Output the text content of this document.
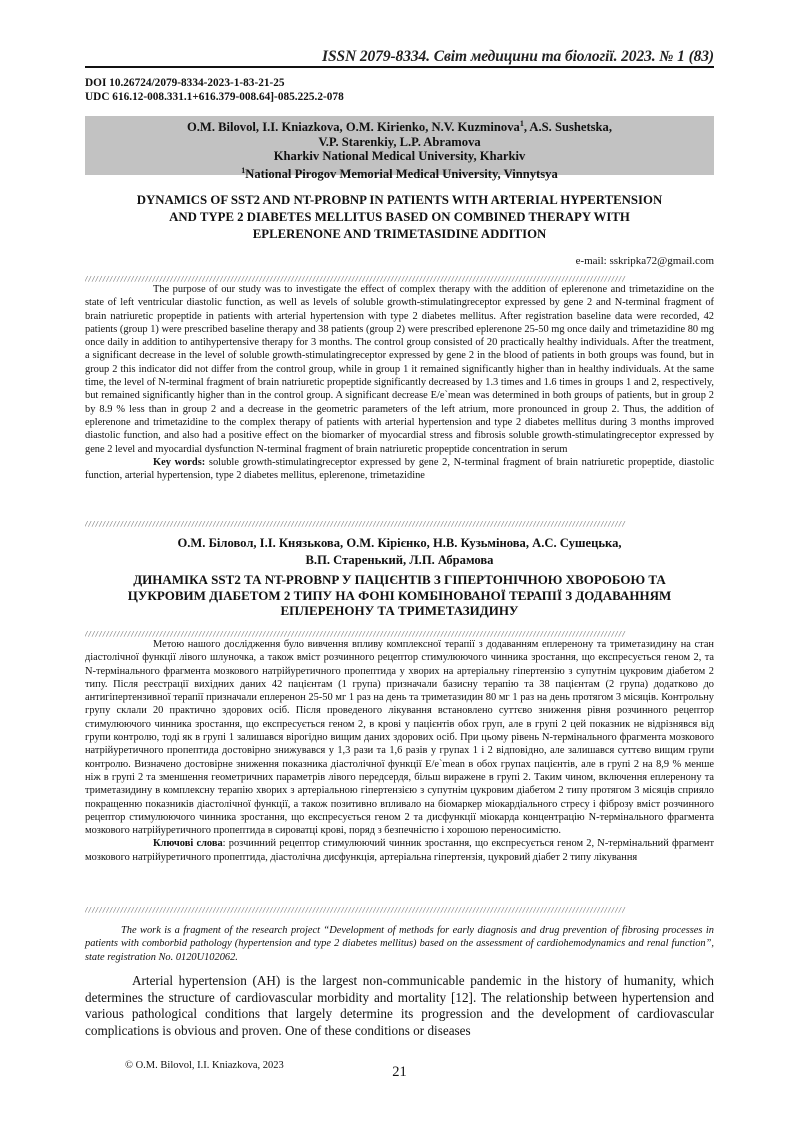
ISSN 2079-8334. Світ медицини та біології. 2023. № 1 (83)
DOI 10.26724/2079-8334-2023-1-83-21-25
UDC 616.12-008.331.1+616.379-008.64]-085.225.2-078
O.M. Bilovol, I.I. Kniazkova, O.M. Kirienko, N.V. Kuzminova$^1$, A.S. Sushetska,
V.P. Starenkiy, L.P. Abramova
Kharkiv National Medical University, Kharkiv
$^1$National Pirogov Memorial Medical University, Vinnytsya
DYNAMICS OF SST2 AND NT-PROBNP IN PATIENTS WITH ARTERIAL HYPERTENSION
AND TYPE 2 DIABETES MELLITUS BASED ON COMBINED THERAPY WITH
EPLERENONE AND TRIMETASIDINE ADDITION
e-mail: sskripka72@gmail.com
////////////////////////////////////////////////////////////////////////////////////////////////////////////////////////////////////////////////////////

The purpose of our study was to investigate the effect of complex therapy with the addition of eplerenone and trimetazidine on the state of left ventricular diastolic function, as well as levels of soluble growth-stimulatingreceptor expressed by gene 2 and N-terminal fragment of brain natriuretic propeptide in patients with arterial hypertension with type 2 diabetes mellitus. After registration baseline data were recorded, 42 patients (group 1) were prescribed baseline therapy and 38 patients (group 2) were prescribed eplerenone 25-50 mg once daily and trimetazidine 80 mg once daily in addition to antihypertensive therapy for 3 months. The control group consisted of 20 practically healthy individuals. After the treatment, a significant decrease in the level of soluble growth-stimulatingreceptor expressed by gene 2 in the blood of patients in both groups was found, but in group 2 this indicator did not differ from the control group, while in group 1 it remained significantly higher than in healthy individuals. At the same time, the level of N-terminal fragment of brain natriuretic propeptide significantly decreased by 1.3 times and 1.6 times in groups 1 and 2, respectively, but remained significantly higher than in the control group. A significant decrease E/e`mean was determined in both groups of patients, but in group 2 by 8.9 % less than in group 2 and a decrease in the geometric parameters of the left atrium, more pronounced in group 2. Thus, the addition of eplerenone and trimetazidine to the complex therapy of patients with arterial hypertension and type 2 diabetes mellitus during 3 months improved diastolic function, and also had a positive effect on the biomarker of myocardial stress and fibrosis soluble growth-stimulatingreceptor expressed by gene 2 level and myocardial dysfunction N-terminal fragment of brain natriuretic propeptide concentration in serum

Key words: soluble growth-stimulatingreceptor expressed by gene 2, N-terminal fragment of brain natriuretic propeptide, diastolic function, arterial hypertension, type 2 diabetes mellitus, eplerenone, trimetazidine

////////////////////////////////////////////////////////////////////////////////////////////////////////////////////////////////////////////////////////
О.М. Біловол, І.І. Князькова, О.М. Кірієнко, Н.В. Кузьмінова, А.С. Сушецька,
В.П. Старенький, Л.П. Абрамова
ДИНАМІКА SST2 ТА NT-PROBNP У ПАЦІЄНТІВ З ГІПЕРТОНІЧНОЮ ХВОРОБОЮ ТА
ЦУКРОВИМ ДІАБЕТОМ 2 ТИПУ НА ФОНІ КОМБІНОВАНОЇ ТЕРАПІЇ З ДОДАВАННЯМ
ЕПЛЕРЕНОНУ ТА ТРИМЕТАЗИДИНУ
////////////////////////////////////////////////////////////////////////////////////////////////////////////////////////////////////////////////////////

Метою нашого дослідження було вивчення впливу комплексної терапії з додаванням еплеренону та триметазидину на стан діастолічної функції лівого шлуночка, а також вміст розчинного рецептор стимулюючого чинника зростання, що експресується геном 2, та N-термінального фрагмента мозкового натрійуретичного пропептида у хворих на артеріальну гіпертензію з супутнім цукровим діабетом 2 типу. Після реєстрації вихідних даних 42 пацієнтам (1 група) призначали базисну терапію та 38 пацієнтам (2 група) додатково до антигіпертензивної терапії призначали еплеренон 25-50 мг 1 раз на день та триметазидин 80 мг 1 раз на день протягом 3 місяців. Контрольну групу склали 20 практично здорових осіб. Після проведеного лікування встановлено суттєво зниження рівня розчинного рецептор стимулюючого чинника зростання, що експресується геном 2, в крові у пацієнтів обох груп, але в групі 2 цей показник не відрізнявся від групи контролю, тоді як в групі 1 залишався вірогідно вищим даних здорових осіб. При цьому рівень N-термінального фрагмента мозкового натрійуретичного пропептида достовірно знижувався у 1,3 рази та 1,6 разів у групах 1 і 2 відповідно, але залишався суттєво вищим групи контролю. Визначено достовірне зниження показника діастолічної функції E/e`mean в обох групах пацієнтів, але в групі 2 на 8,9 % менше ніж в групі 2 та зменшення геометричних параметрів лівого передсердя, більш виражене в групі 2. Таким чином, включення еплеренону та триметазидину в комплексну терапію хворих з артеріальною гіпертензією з супутнім цукровим діабетом 2 типу протягом 3 місяців сприяло покращенню показників діастолічної функції, а також позитивно впливало на біомаркер міокардіального стресу і фіброзу вміст розчинного рецептор стимулюючого чинника зростання, що експресується геном 2 та дисфункції міокарда концентрацію N-термінального фрагмента мозкового натрійуретичного пропептида в сироватці крові, поряд з безпечністю і хорошою переносимістю.

Ключові слова: розчинний рецептор стимулюючий чинник зростання, що експресується геном 2, N-термінальний фрагмент мозкового натрійуретичного пропептида, діастолічна дисфункція, артеріальна гіпертензія, цукровий діабет 2 типу лікування

////////////////////////////////////////////////////////////////////////////////////////////////////////////////////////////////////////////////////////

The work is a fragment of the research project “Development of methods for early diagnosis and drug prevention of fibrosing processes in patients with comborbid pathology (hypertension and type 2 diabetes mellitus) based on the assessment of cardiohemodynamics and renal function”, state registration No. 0120U102062.

Arterial hypertension (AH) is the largest non-communicable pandemic in the history of humanity, which determines the structure of cardiovascular morbidity and mortality [12]. The relationship between hypertension and various pathological conditions that largely determine its progression and the development of cardiovascular complications is obvious and proven. One of these conditions or diseases

© O.M. Bilovol, I.I. Kniazkova, 2023	21
